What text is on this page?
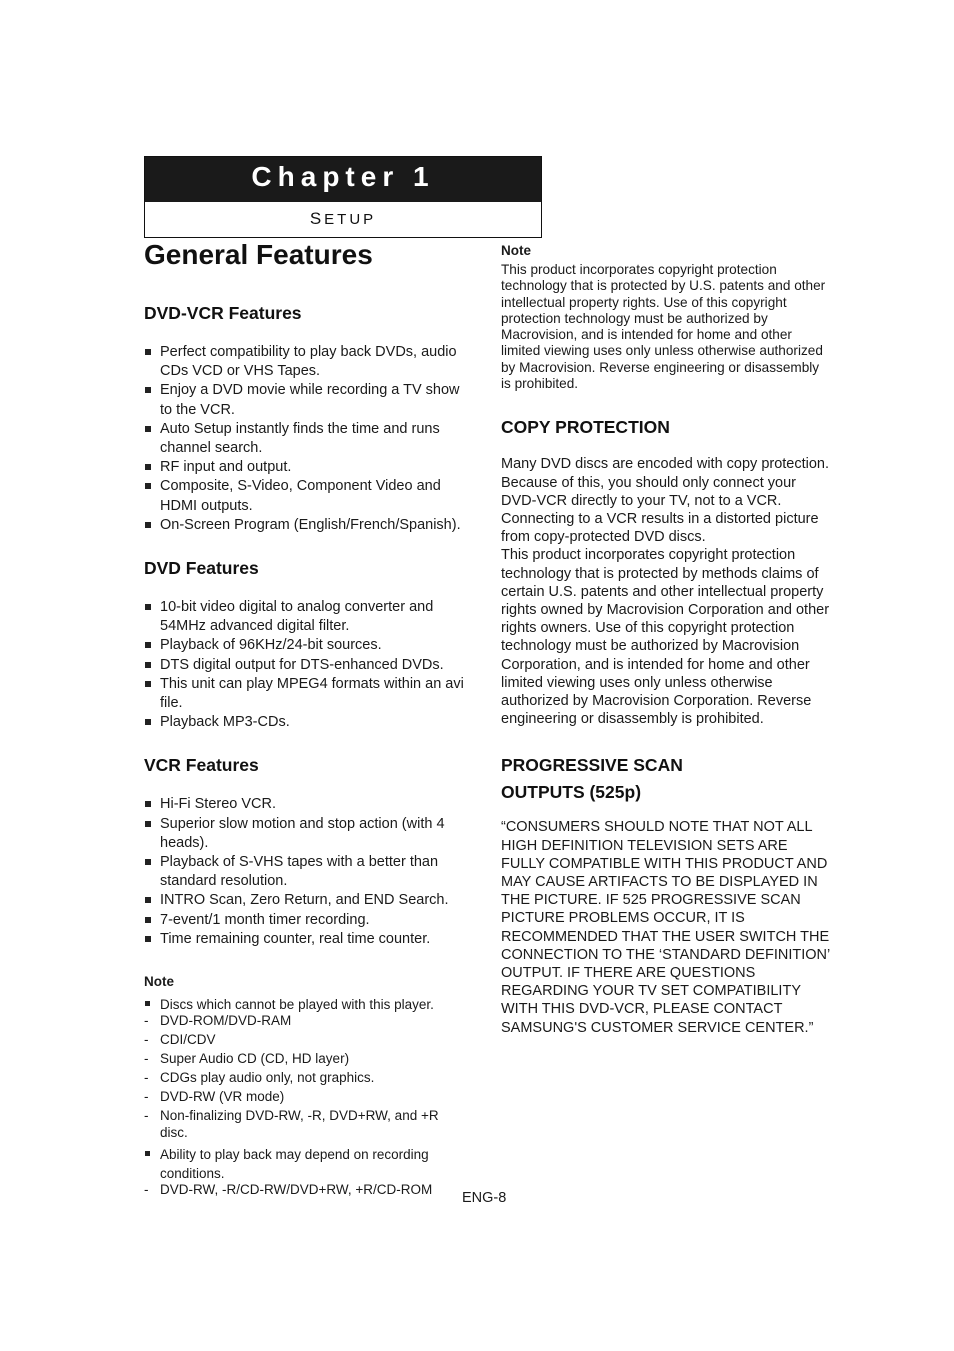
Chapter 1
SETUP
General Features
DVD-VCR Features
Perfect compatibility to play back DVDs, audio CDs VCD or VHS Tapes.
Enjoy a DVD movie while recording a TV show to the VCR.
Auto Setup instantly finds the time and runs channel search.
RF input and output.
Composite, S-Video, Component Video and HDMI outputs.
On-Screen Program (English/French/Spanish).
DVD Features
10-bit video digital to analog converter and 54MHz advanced digital filter.
Playback of 96KHz/24-bit sources.
DTS digital output for DTS-enhanced DVDs.
This unit can play MPEG4 formats within an avi file.
Playback MP3-CDs.
VCR Features
Hi-Fi Stereo VCR.
Superior slow motion and stop action (with 4 heads).
Playback of S-VHS tapes with a better than standard resolution.
INTRO Scan, Zero Return, and END Search.
7-event/1 month timer recording.
Time remaining counter, real time counter.
Note
Discs which cannot be played with this player.
- DVD-ROM/DVD-RAM
- CDI/CDV
- Super Audio CD (CD, HD layer)
- CDGs play audio only, not graphics.
- DVD-RW (VR mode)
- Non-finalizing DVD-RW, -R, DVD+RW, and +R disc.
Ability to play back may depend on recording conditions.
- DVD-RW, -R/CD-RW/DVD+RW, +R/CD-ROM
Note

This product incorporates copyright protection technology that is protected by U.S. patents and other intellectual property rights. Use of this copyright protection technology must be authorized by Macrovision, and is intended for home and other limited viewing uses only unless otherwise authorized by Macrovision. Reverse engineering or disassembly is prohibited.

COPY PROTECTION

Many DVD discs are encoded with copy protection. Because of this, you should only connect your DVD-VCR directly to your TV, not to a VCR. Connecting to a VCR results in a distorted picture from copy-protected DVD discs.

This product incorporates copyright protection technology that is protected by methods claims of certain U.S. patents and other intellectual property rights owned by Macrovision Corporation and other rights owners. Use of this copyright protection technology must be authorized by Macrovision Corporation, and is intended for home and other limited viewing uses only unless otherwise authorized by Macrovision Corporation. Reverse engineering or disassembly is prohibited.

PROGRESSIVE SCAN
OUTPUTS (525p)

“CONSUMERS SHOULD NOTE THAT NOT ALL HIGH DEFINITION TELEVISION SETS ARE FULLY COMPATIBLE WITH THIS PRODUCT AND MAY CAUSE ARTIFACTS TO BE DISPLAYED IN THE PICTURE. IF 525 PROGRESSIVE SCAN PICTURE PROBLEMS OCCUR, IT IS RECOMMENDED THAT THE USER SWITCH THE CONNECTION TO THE ‘STANDARD DEFINITION’ OUTPUT. IF THERE ARE QUESTIONS REGARDING YOUR TV SET COMPATIBILITY WITH THIS DVD-VCR, PLEASE CONTACT SAMSUNG'S CUSTOMER SERVICE CENTER.”

ENG-8
